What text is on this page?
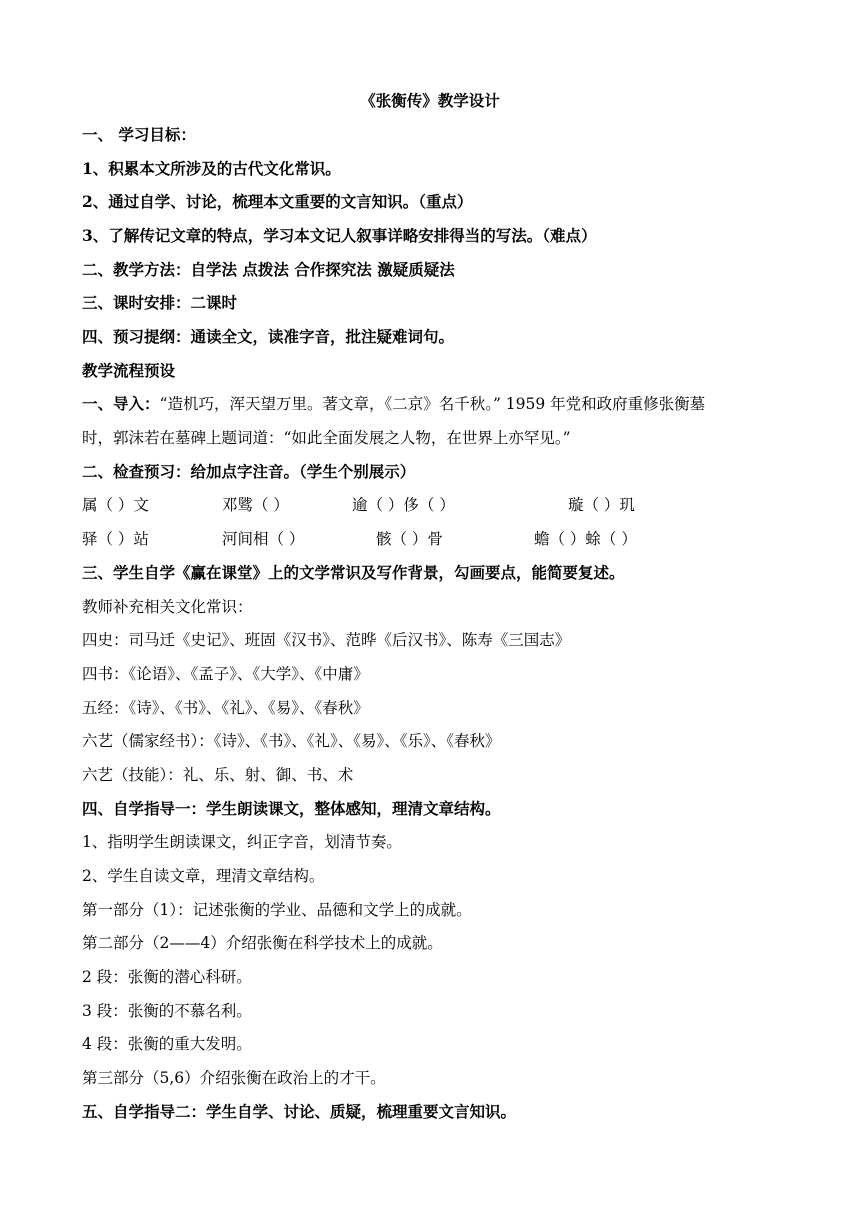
《张衡传》教学设计
一、 学习目标：
1、积累本文所涉及的古代文化常识。
2、通过自学、讨论，梳理本文重要的文言知识。（重点）
3、了解传记文章的特点，学习本文记人叙事详略安排得当的写法。（难点）
二、教学方法：自学法 点拨法 合作探究法 激疑质疑法
三、课时安排：二课时
四、预习提纲：通读全文，读准字音，批注疑难词句。
教学流程预设
一、导入：“造机巧，浑天望万里。著文章，《二京》名千秋。” 1959 年党和政府重修张衡墓
时，郭沫若在墓碑上题词道：“如此全面发展之人物，在世界上亦罕见。”
二、检查预习：给加点字注音。（学生个别展示）
属（ ）文	邓骘（ ）	逾（ ）侈（ ）	璇（ ）玑
驿（ ）站	河间相（ ）	骸（ ）骨	蟾（ ）蜍（ ）
三、学生自学《赢在课堂》上的文学常识及写作背景，勾画要点，能简要复述。
教师补充相关文化常识：
四史：司马迁《史记》、班固《汉书》、范晔《后汉书》、陈寿《三国志》
四书：《论语》、《孟子》、《大学》、《中庸》
五经：《诗》、《书》、《礼》、《易》、《春秋》
六艺（儒家经书）：《诗》、《书》、《礼》、《易》、《乐》、《春秋》
六艺（技能）：礼、乐、射、御、书、术
四、自学指导一：学生朗读课文，整体感知，理清文章结构。
1、指明学生朗读课文，纠正字音，划清节奏。
2、学生自读文章，理清文章结构。
第一部分（1）：记述张衡的学业、品德和文学上的成就。
第二部分（2——4）介绍张衡在科学技术上的成就。
2 段：张衡的潜心科研。
3 段：张衡的不慕名利。
4 段：张衡的重大发明。
第三部分（5,6）介绍张衡在政治上的才干。
五、自学指导二：学生自学、讨论、质疑，梳理重要文言知识。
